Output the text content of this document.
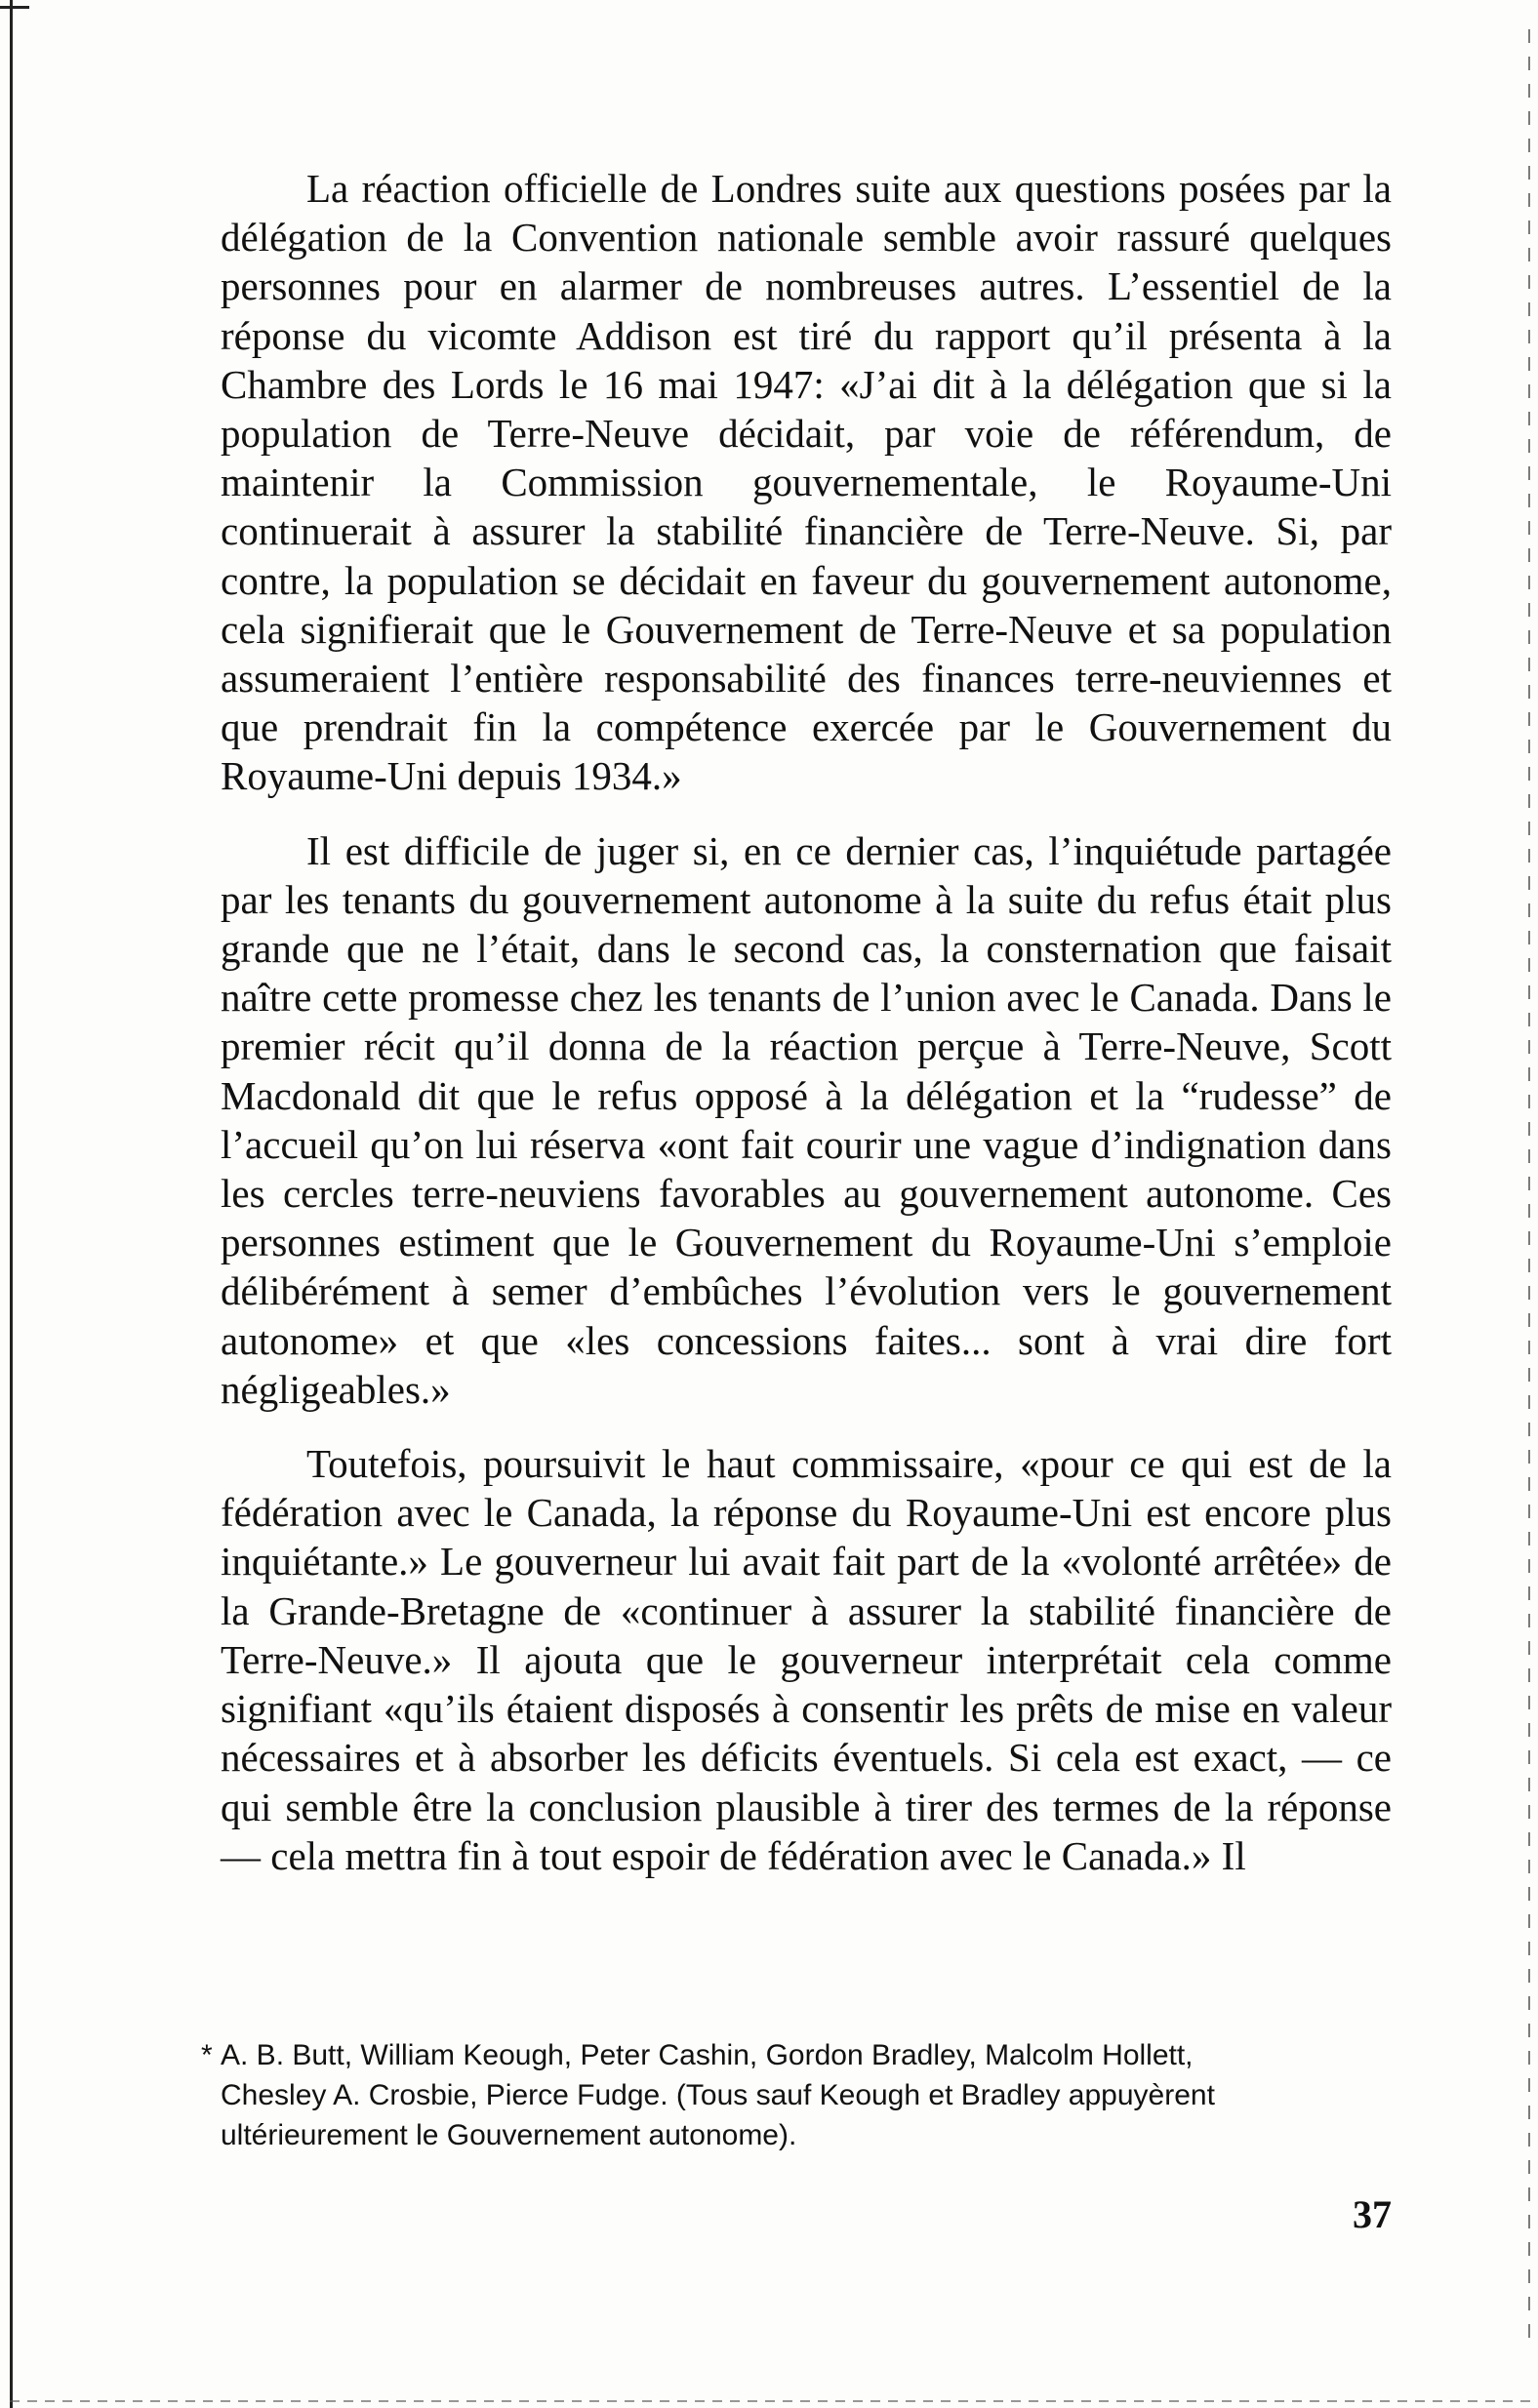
La réaction officielle de Londres suite aux questions posées par la délégation de la Convention nationale semble avoir rassuré quelques personnes pour en alarmer de nombreuses autres. L’essentiel de la réponse du vicomte Addison est tiré du rapport qu’il présenta à la Chambre des Lords le 16 mai 1947: «J’ai dit à la délégation que si la population de Terre-Neuve décidait, par voie de référendum, de maintenir la Commission gouvernementale, le Royaume-Uni continuerait à assurer la stabilité financière de Terre-Neuve. Si, par contre, la population se décidait en faveur du gouvernement autonome, cela signifierait que le Gouvernement de Terre-Neuve et sa population assumeraient l’entière responsabilité des finances terre-neuviennes et que prendrait fin la compétence exercée par le Gouvernement du Royaume-Uni depuis 1934.»

Il est difficile de juger si, en ce dernier cas, l’inquiétude partagée par les tenants du gouvernement autonome à la suite du refus était plus grande que ne l’était, dans le second cas, la consternation que faisait naître cette promesse chez les tenants de l’union avec le Canada. Dans le premier récit qu’il donna de la réaction perçue à Terre-Neuve, Scott Macdonald dit que le refus opposé à la délégation et la “rudesse” de l’accueil qu’on lui réserva «ont fait courir une vague d’indignation dans les cercles terre-neuviens favorables au gouvernement autonome. Ces personnes estiment que le Gouvernement du Royaume-Uni s’emploie délibérément à semer d’embûches l’évolution vers le gouvernement autonome» et que «les concessions faites... sont à vrai dire fort négligeables.»

Toutefois, poursuivit le haut commissaire, «pour ce qui est de la fédération avec le Canada, la réponse du Royaume-Uni est encore plus inquiétante.» Le gouverneur lui avait fait part de la «volonté arrêtée» de la Grande-Bretagne de «continuer à assurer la stabilité financière de Terre-Neuve.» Il ajouta que le gouverneur interprétait cela comme signifiant «qu’ils étaient disposés à consentir les prêts de mise en valeur nécessaires et à absorber les déficits éventuels. Si cela est exact, — ce qui semble être la conclusion plausible à tirer des termes de la réponse — cela mettra fin à tout espoir de fédération avec le Canada.» Il

* A. B. Butt, William Keough, Peter Cashin, Gordon Bradley, Malcolm Hollett, Chesley A. Crosbie, Pierce Fudge. (Tous sauf Keough et Bradley appuyèrent ultérieurement le Gouvernement autonome).
37
